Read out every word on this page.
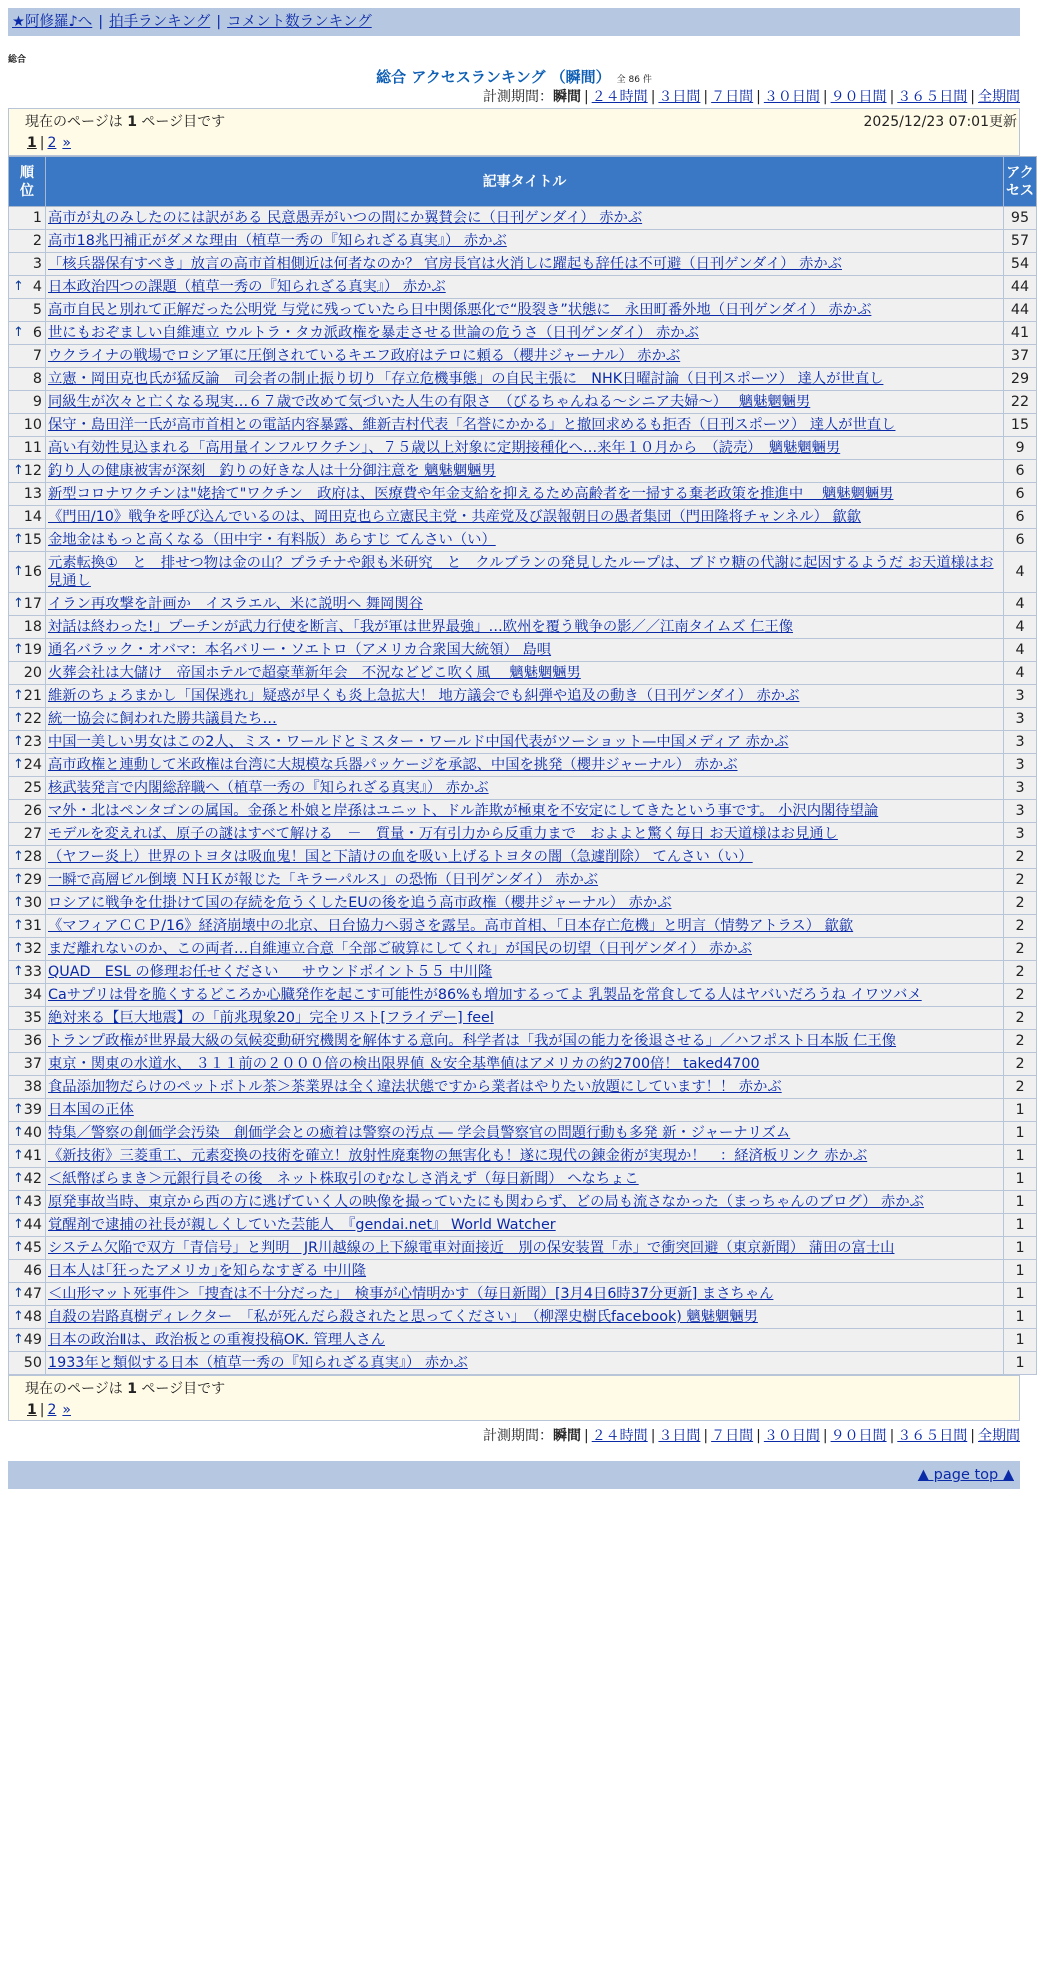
★阿修羅♪へ | 拍手ランキング | コメント数ランキング
総合
総合 アクセスランキング （瞬間） 全 86 件
計測期間：瞬間 | ２４時間 | ３日間 | ７日間 | ３０日間 | ９０日間 | ３６５日間 | 全期間
現在のページは 1 ページ目です	2025/12/23 07:01更新
1 | 2 »
順
位	記事タイトル	アク
セス
1	高市が丸のみしたのには訳がある 民意愚弄がいつの間にか翼賛会に（日刊ゲンダイ） 赤かぶ	95
2	高市18兆円補正がダメな理由（植草一秀の『知られざる真実』） 赤かぶ	57
3	「核兵器保有すべき」放言の高市首相側近は何者なのか？ 官房長官は火消しに躍起も辞任は不可避（日刊ゲンダイ） 赤かぶ	54

↑ 4	日本政治四つの課題（植草一秀の『知られざる真実』） 赤かぶ	44
5	高市自民と別れて正解だった公明党 与党に残っていたら日中関係悪化で“股裂き”状態に　永田町番外地（日刊ゲンダイ） 赤かぶ	44

↑ 6	世にもおぞましい自維連立 ウルトラ・タカ派政権を暴走させる世論の危うさ（日刊ゲンダイ） 赤かぶ	41
7	ウクライナの戦場でロシア軍に圧倒されているキエフ政府はテロに頼る（櫻井ジャーナル） 赤かぶ	37
8	立憲・岡田克也氏が猛反論　司会者の制止振り切り「存立危機事態」の自民主張に　NHK日曜討論（日刊スポーツ） 達人が世直し	29
9	同級生が次々と亡くなる現実…６７歳で改めて気づいた人生の有限さ　（びるちゃんねる～シニア夫婦～）　 魑魅魍魎男	22
10	保守・島田洋一氏が高市首相との電話内容暴露、維新吉村代表「名誉にかかる」と撤回求めるも拒否（日刊スポーツ） 達人が世直し	15
11	高い有効性見込まれる「高用量インフルワクチン」、７５歳以上対象に定期接種化へ…来年１０月から　（読売）　魑魅魍魎男	9

↑ 12	釣り人の健康被害が深刻　釣りの好きな人は十分御注意を 魑魅魍魎男	6
13	新型コロナワクチンは"姥捨て"ワクチン　政府は、医療費や年金支給を抑えるため高齢者を一掃する棄老政策を推進中　 魑魅魍魎男	6
14	《門田/10》戦争を呼び込んでいるのは、岡田克也ら立憲民主党・共産党及び誤報朝日の愚者集団（門田隆将チャンネル） 歙歙	6

↑ 15	金地金はもっと高くなる（田中宇・有料版）あらすじ てんさい（い）	6

↑ 16	元素転換①　と　排せつ物は金の山？プラチナや銀も米研究　と　クルブランの発見したループは、ブドウ糖の代謝に起因するようだ お天道様はお見通し	4

↑ 17	イラン再攻撃を計画か　イスラエル、米に説明へ 舞岡関谷	4
18	対話は終わった!」プーチンが武力行使を断言、「我が軍は世界最強」…欧州を覆う戦争の影／／江南タイムズ 仁王像	4

↑ 19	通名バラック・オバマ：本名バリー・ソエトロ（アメリカ合衆国大統領） 島唄	4
20	火葬会社は大儲け　帝国ホテルで超豪華新年会　不況などどこ吹く風　 魑魅魍魎男	4

↑ 21	維新のちょろまかし「国保逃れ」疑惑が早くも炎上急拡大！ 地方議会でも糾弾や追及の動き（日刊ゲンダイ） 赤かぶ	3

↑ 22	統一協会に飼われた勝共議員たち…	3

↑ 23	中国一美しい男女はこの2人、ミス・ワールドとミスター・ワールド中国代表がツーショット—中国メディア 赤かぶ	3

↑ 24	高市政権と連動して米政権は台湾に大規模な兵器パッケージを承認、中国を挑発（櫻井ジャーナル） 赤かぶ	3
25	核武装発言で内閣総辞職へ（植草一秀の『知られざる真実』） 赤かぶ	3
26	マ外・北はペンタゴンの属国。金孫と朴娘と岸孫はユニット、ドル詐欺が極東を不安定にしてきたという事です。 小沢内閣待望論	3
27	モデルを変えれば、原子の謎はすべて解ける　－　質量・万有引力から反重力まで　およよと驚く毎日 お天道様はお見通し	3

↑ 28	（ヤフー炎上）世界のトヨタは吸血鬼！国と下請けの血を吸い上げるトヨタの闇（急遽削除） てんさい（い）	2

↑ 29	一瞬で高層ビル倒壊 ＮＨＫが報じた「キラーパルス」の恐怖（日刊ゲンダイ） 赤かぶ	2

↑ 30	ロシアに戦争を仕掛けて国の存続を危うくしたEUの後を追う高市政権（櫻井ジャーナル） 赤かぶ	2

↑ 31	《マフィアＣＣＰ/16》経済崩壊中の北京、日台協力へ弱さを露呈。高市首相、「日本存亡危機」と明言（情勢アトラス） 歙歙	2

↑ 32	まだ離れないのか、この両者…自維連立合意「全部ご破算にしてくれ」が国民の切望（日刊ゲンダイ） 赤かぶ	2

↑ 33	QUAD　ESL の修理お任せください ＿ サウンドポイント５５ 中川隆	2
34	Caサプリは骨を脆くするどころか心臓発作を起こす可能性が86%も増加するってよ 乳製品を常食してる人はヤバいだろうね イワツバメ	2
35	絶対来る【巨大地震】の「前兆現象20」完全リスト[フライデー] feel	2
36	トランプ政権が世界最大級の気候変動研究機関を解体する意向。科学者は「我が国の能力を後退させる」／ハフポスト日本版 仁王像	2
37	東京・関東の水道水、 ３１１前の２０００倍の検出限界値 ＆安全基準値はアメリカの約2700倍！ taked4700	2
38	食品添加物だらけのペットボトル茶＞茶業界は全く違法状態ですから業者はやりたい放題にしています！！ 赤かぶ	2

↑ 39	日本国の正体	1

↑ 40	特集／警察の創価学会汚染　創価学会との癒着は警察の汚点 ― 学会員警察官の問題行動も多発 新・ジャーナリズム	1

↑ 41	《新技術》三菱重工、元素変換の技術を確立！放射性廃棄物の無害化も！遂に現代の錬金術が実現か！　：経済板リンク 赤かぶ	1

↑ 42	＜紙幣ばらまき＞元銀行員その後　ネット株取引のむなしさ消えず（毎日新聞） へなちょこ	1

↑ 43	原発事故当時、東京から西の方に逃げていく人の映像を撮っていたにも関わらず、どの局も流さなかった（まっちゃんのブログ） 赤かぶ	1

↑ 44	覚醒剤で逮捕の社長が親しくしていた芸能人　『gendai.net』 World Watcher	1

↑ 45	システム欠陥で双方「青信号」と判明　JR川越線の上下線電車対面接近　別の保安装置「赤」で衝突回避（東京新聞） 蒲田の富士山	1
46	日本人は｢狂ったアメリカ｣を知らなすぎる 中川隆	1

↑ 47	＜山形マット死事件＞「捜査は不十分だった」　検事が心情明かす（毎日新聞）[3月4日6時37分更新] まさちゃん	1

↑ 48	自殺の岩路真樹ディレクター　「私が死んだら殺されたと思ってください」　（柳澤史樹氏facebook) 魑魅魍魎男	1

↑ 49	日本の政治Ⅱは、政治板との重複投稿OK. 管理人さん	1
50	1933年と類似する日本（植草一秀の『知られざる真実』） 赤かぶ	1
現在のページは 1 ページ目です
1 | 2 »
計測期間：瞬間 | ２４時間 | ３日間 | ７日間 | ３０日間 | ９０日間 | ３６５日間 | 全期間
▲ page top ▲
